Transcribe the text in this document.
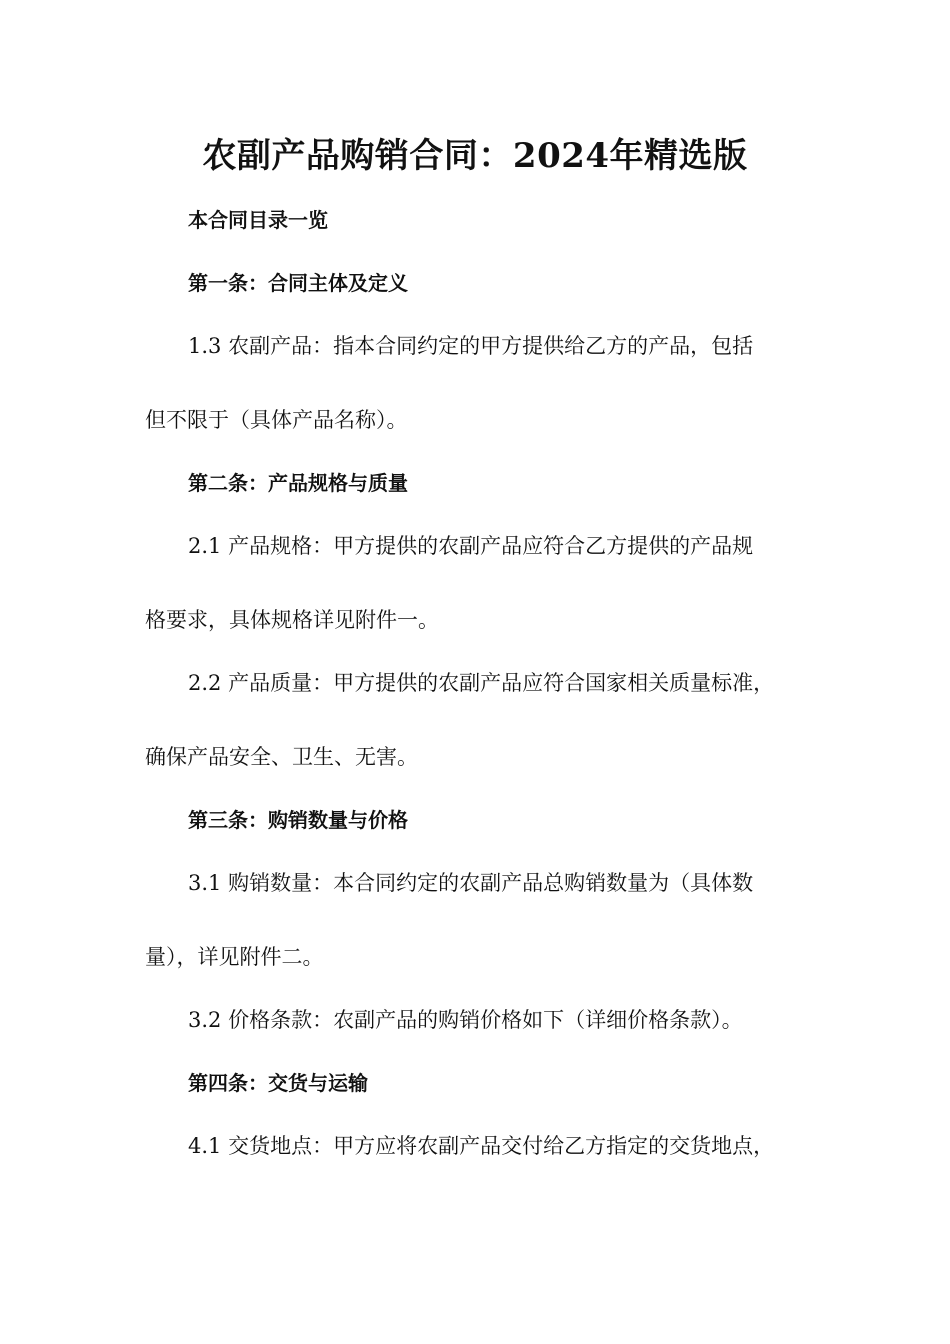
农副产品购销合同：2024年精选版
本合同目录一览
第一条：合同主体及定义
1.3 农副产品：指本合同约定的甲方提供给乙方的产品，包括
但不限于（具体产品名称）。
第二条：产品规格与质量
2.1 产品规格：甲方提供的农副产品应符合乙方提供的产品规
格要求，具体规格详见附件一。
2.2 产品质量：甲方提供的农副产品应符合国家相关质量标准，
确保产品安全、卫生、无害。
第三条：购销数量与价格
3.1 购销数量：本合同约定的农副产品总购销数量为（具体数
量），详见附件二。
3.2 价格条款：农副产品的购销价格如下（详细价格条款）。
第四条：交货与运输
4.1 交货地点：甲方应将农副产品交付给乙方指定的交货地点，
